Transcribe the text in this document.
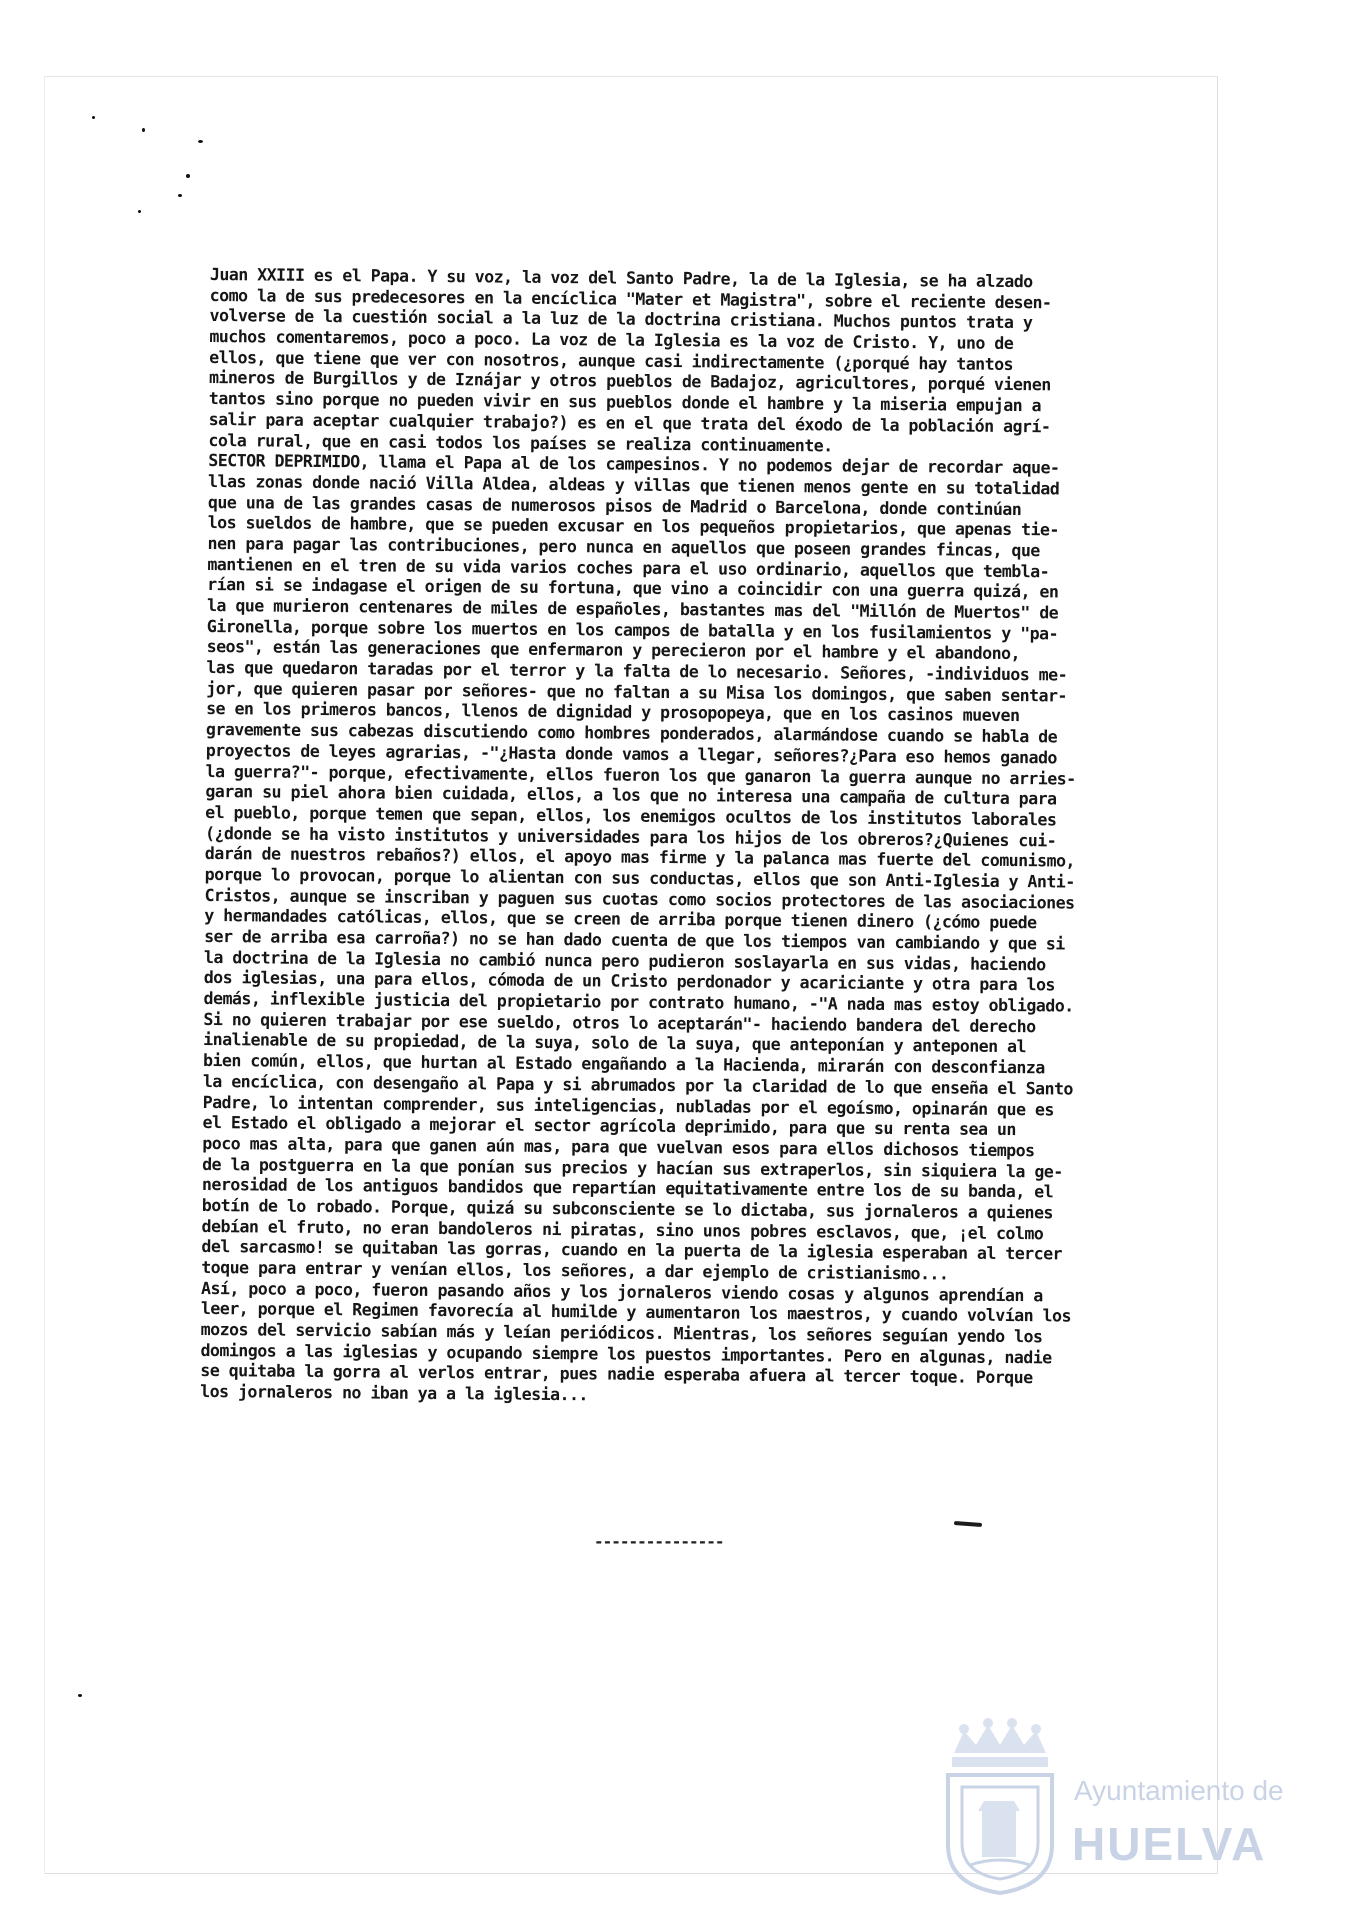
Juan XXIII es el Papa. Y su voz, la voz del Santo Padre, la de la Iglesia, se ha alzado
como la de sus predecesores en la encíclica "Mater et Magistra", sobre el reciente desen-
volverse de la cuestión social a la luz de la doctrina cristiana. Muchos puntos trata y
muchos comentaremos, poco a poco. La voz de la Iglesia es la voz de Cristo. Y, uno de
ellos, que tiene que ver con nosotros, aunque casi indirectamente (¿porqué hay tantos
mineros de Burgillos y de Iznájar y otros pueblos de Badajoz, agricultores, porqué vienen
tantos sino porque no pueden vivir en sus pueblos donde el hambre y la miseria empujan a
salir para aceptar cualquier trabajo?) es en el que trata del éxodo de la población agrí-
cola rural, que en casi todos los países se realiza continuamente.
SECTOR DEPRIMIDO, llama el Papa al de los campesinos. Y no podemos dejar de recordar aque-
llas zonas donde nació Villa Aldea, aldeas y villas que tienen menos gente en su totalidad
que una de las grandes casas de numerosos pisos de Madrid o Barcelona, donde continúan
los sueldos de hambre, que se pueden excusar en los pequeños propietarios, que apenas tie-
nen para pagar las contribuciones, pero nunca en aquellos que poseen grandes fincas, que
mantienen en el tren de su vida varios coches para el uso ordinario, aquellos que tembla-
rían si se indagase el origen de su fortuna, que vino a coincidir con una guerra quizá, en
la que murieron centenares de miles de españoles, bastantes mas del "Millón de Muertos" de
Gironella, porque sobre los muertos en los campos de batalla y en los fusilamientos y "pa-
seos", están las generaciones que enfermaron y perecieron por el hambre y el abandono,
las que quedaron taradas por el terror y la falta de lo necesario. Señores, -individuos me-
jor, que quieren pasar por señores- que no faltan a su Misa los domingos, que saben sentar-
se en los primeros bancos, llenos de dignidad y prosopopeya, que en los casinos mueven
gravemente sus cabezas discutiendo como hombres ponderados, alarmándose cuando se habla de
proyectos de leyes agrarias, -"¿Hasta donde vamos a llegar, señores?¿Para eso hemos ganado
la guerra?"- porque, efectivamente, ellos fueron los que ganaron la guerra aunque no arries-
garan su piel ahora bien cuidada, ellos, a los que no interesa una campaña de cultura para
el pueblo, porque temen que sepan, ellos, los enemigos ocultos de los institutos laborales
(¿donde se ha visto institutos y universidades para los hijos de los obreros?¿Quienes cui-
darán de nuestros rebaños?) ellos, el apoyo mas firme y la palanca mas fuerte del comunismo,
porque lo provocan, porque lo alientan con sus conductas, ellos que son Anti-Iglesia y Anti-
Cristos, aunque se inscriban y paguen sus cuotas como socios protectores de las asociaciones
y hermandades católicas, ellos, que se creen de arriba porque tienen dinero (¿cómo puede
ser de arriba esa carroña?) no se han dado cuenta de que los tiempos van cambiando y que si
la doctrina de la Iglesia no cambió nunca pero pudieron soslayarla en sus vidas, haciendo
dos iglesias, una para ellos, cómoda de un Cristo perdonador y acariciante y otra para los
demás, inflexible justicia del propietario por contrato humano, -"A nada mas estoy obligado.
Si no quieren trabajar por ese sueldo, otros lo aceptarán"- haciendo bandera del derecho
inalienable de su propiedad, de la suya, solo de la suya, que anteponían y anteponen al
bien común, ellos, que hurtan al Estado engañando a la Hacienda, mirarán con desconfianza
la encíclica, con desengaño al Papa y si abrumados por la claridad de lo que enseña el Santo
Padre, lo intentan comprender, sus inteligencias, nubladas por el egoísmo, opinarán que es
el Estado el obligado a mejorar el sector agrícola deprimido, para que su renta sea un
poco mas alta, para que ganen aún mas, para que vuelvan esos para ellos dichosos tiempos
de la postguerra en la que ponían sus precios y hacían sus extraperlos, sin siquiera la ge-
nerosidad de los antiguos bandidos que repartían equitativamente entre los de su banda, el
botín de lo robado. Porque, quizá su subconsciente se lo dictaba, sus jornaleros a quienes
debían el fruto, no eran bandoleros ni piratas, sino unos pobres esclavos, que, ¡el colmo
del sarcasmo! se quitaban las gorras, cuando en la puerta de la iglesia esperaban al tercer
toque para entrar y venían ellos, los señores, a dar ejemplo de cristianismo...
Así, poco a poco, fueron pasando años y los jornaleros viendo cosas y algunos aprendían a
leer, porque el Regimen favorecía al humilde y aumentaron los maestros, y cuando volvían los
mozos del servicio sabían más y leían periódicos. Mientras, los señores seguían yendo los
domingos a las iglesias y ocupando siempre los puestos importantes. Pero en algunas, nadie
se quitaba la gorra al verlos entrar, pues nadie esperaba afuera al tercer toque. Porque
los jornaleros no iban ya a la iglesia...
---------------
Ayuntamiento de
HUELVA
